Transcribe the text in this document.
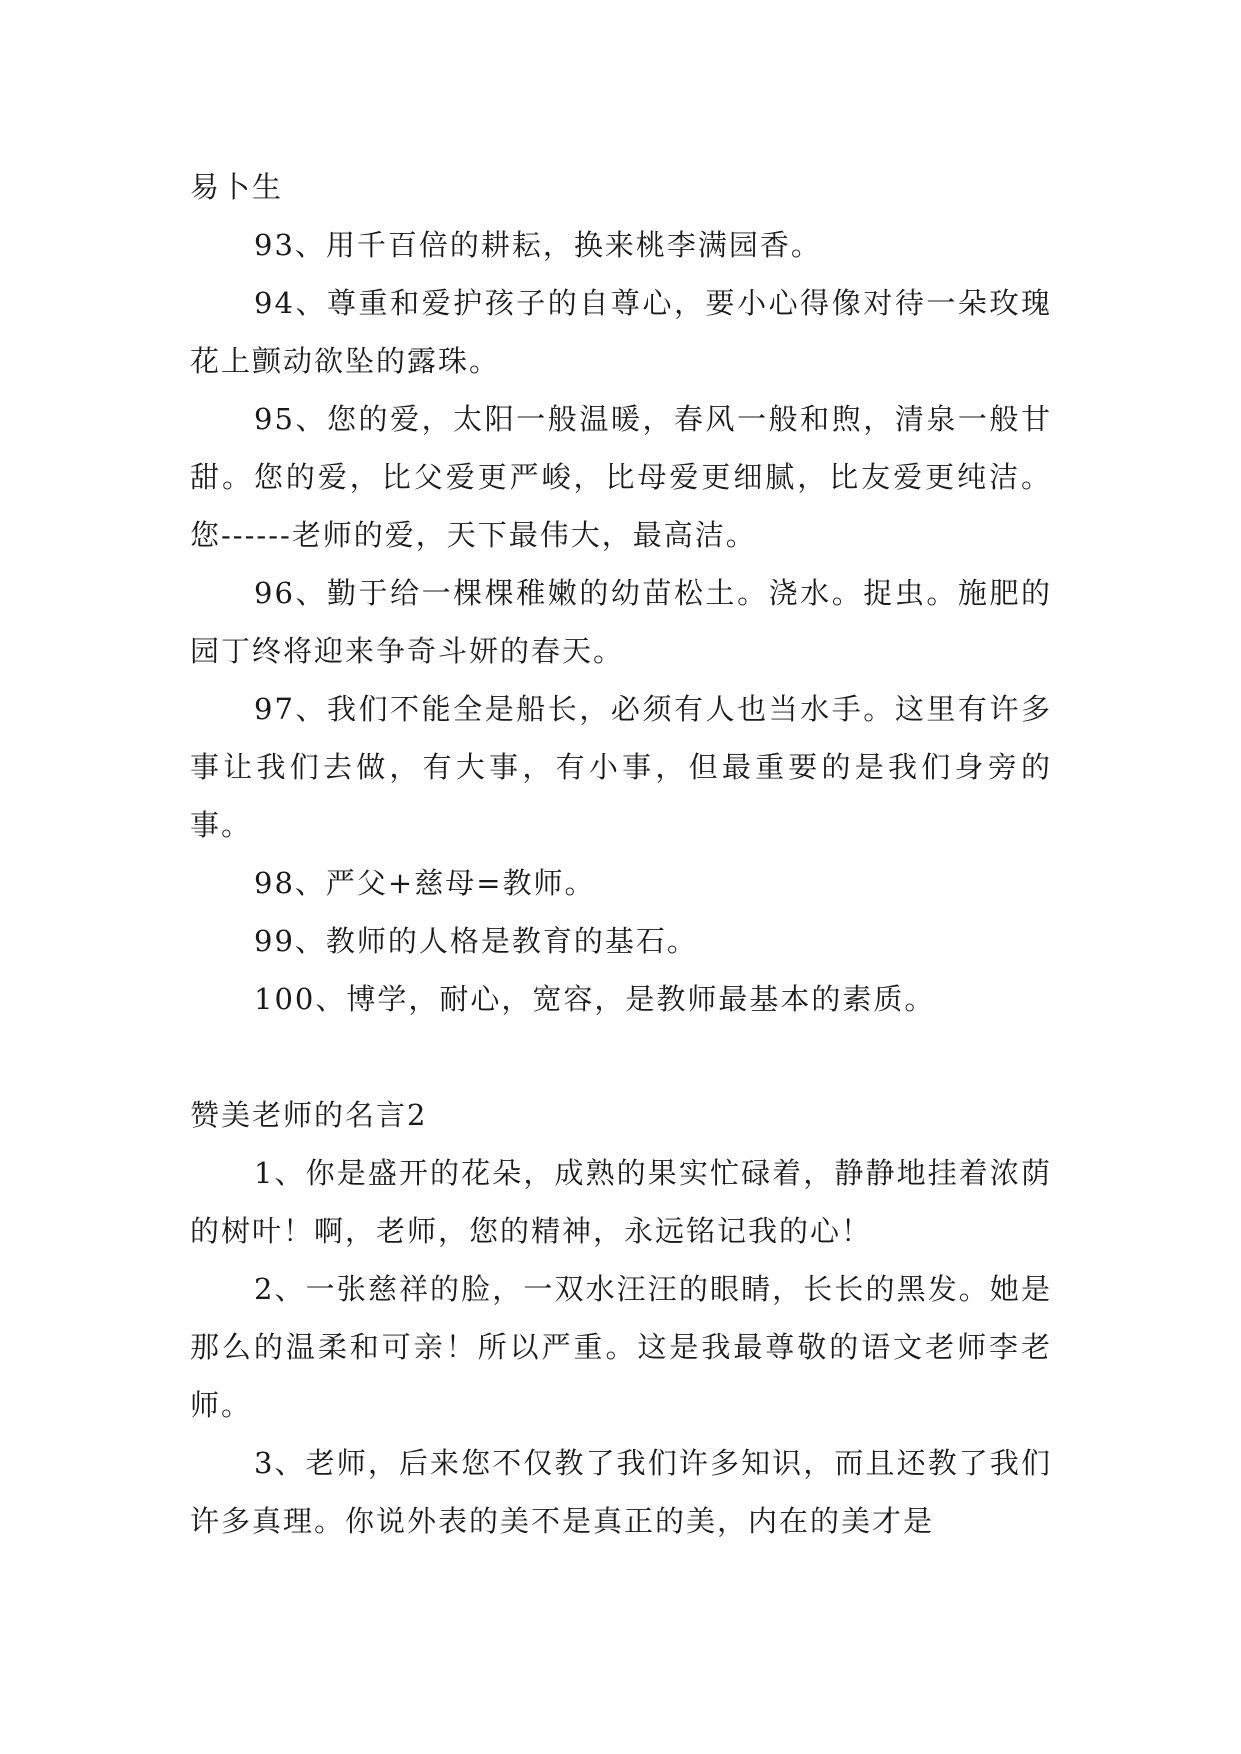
易卜生

93、用千百倍的耕耘，换来桃李满园香。

94、尊重和爱护孩子的自尊心，要小心得像对待一朵玫瑰花上颤动欲坠的露珠。

95、您的爱，太阳一般温暖，春风一般和煦，清泉一般甘甜。您的爱，比父爱更严峻，比母爱更细腻，比友爱更纯洁。您------老师的爱，天下最伟大，最高洁。

96、勤于给一棵棵稚嫩的幼苗松土。浇水。捉虫。施肥的园丁终将迎来争奇斗妍的春天。

97、我们不能全是船长，必须有人也当水手。这里有许多事让我们去做，有大事，有小事，但最重要的是我们身旁的事。

98、严父+慈母=教师。

99、教师的人格是教育的基石。

100、博学，耐心，宽容，是教师最基本的素质。

赞美老师的名言2

1、你是盛开的花朵，成熟的果实忙碌着，静静地挂着浓荫的树叶！啊，老师，您的精神，永远铭记我的心！

2、一张慈祥的脸，一双水汪汪的眼睛，长长的黑发。她是那么的温柔和可亲！所以严重。这是我最尊敬的语文老师李老师。

3、老师，后来您不仅教了我们许多知识，而且还教了我们许多真理。你说外表的美不是真正的美，内在的美才是
